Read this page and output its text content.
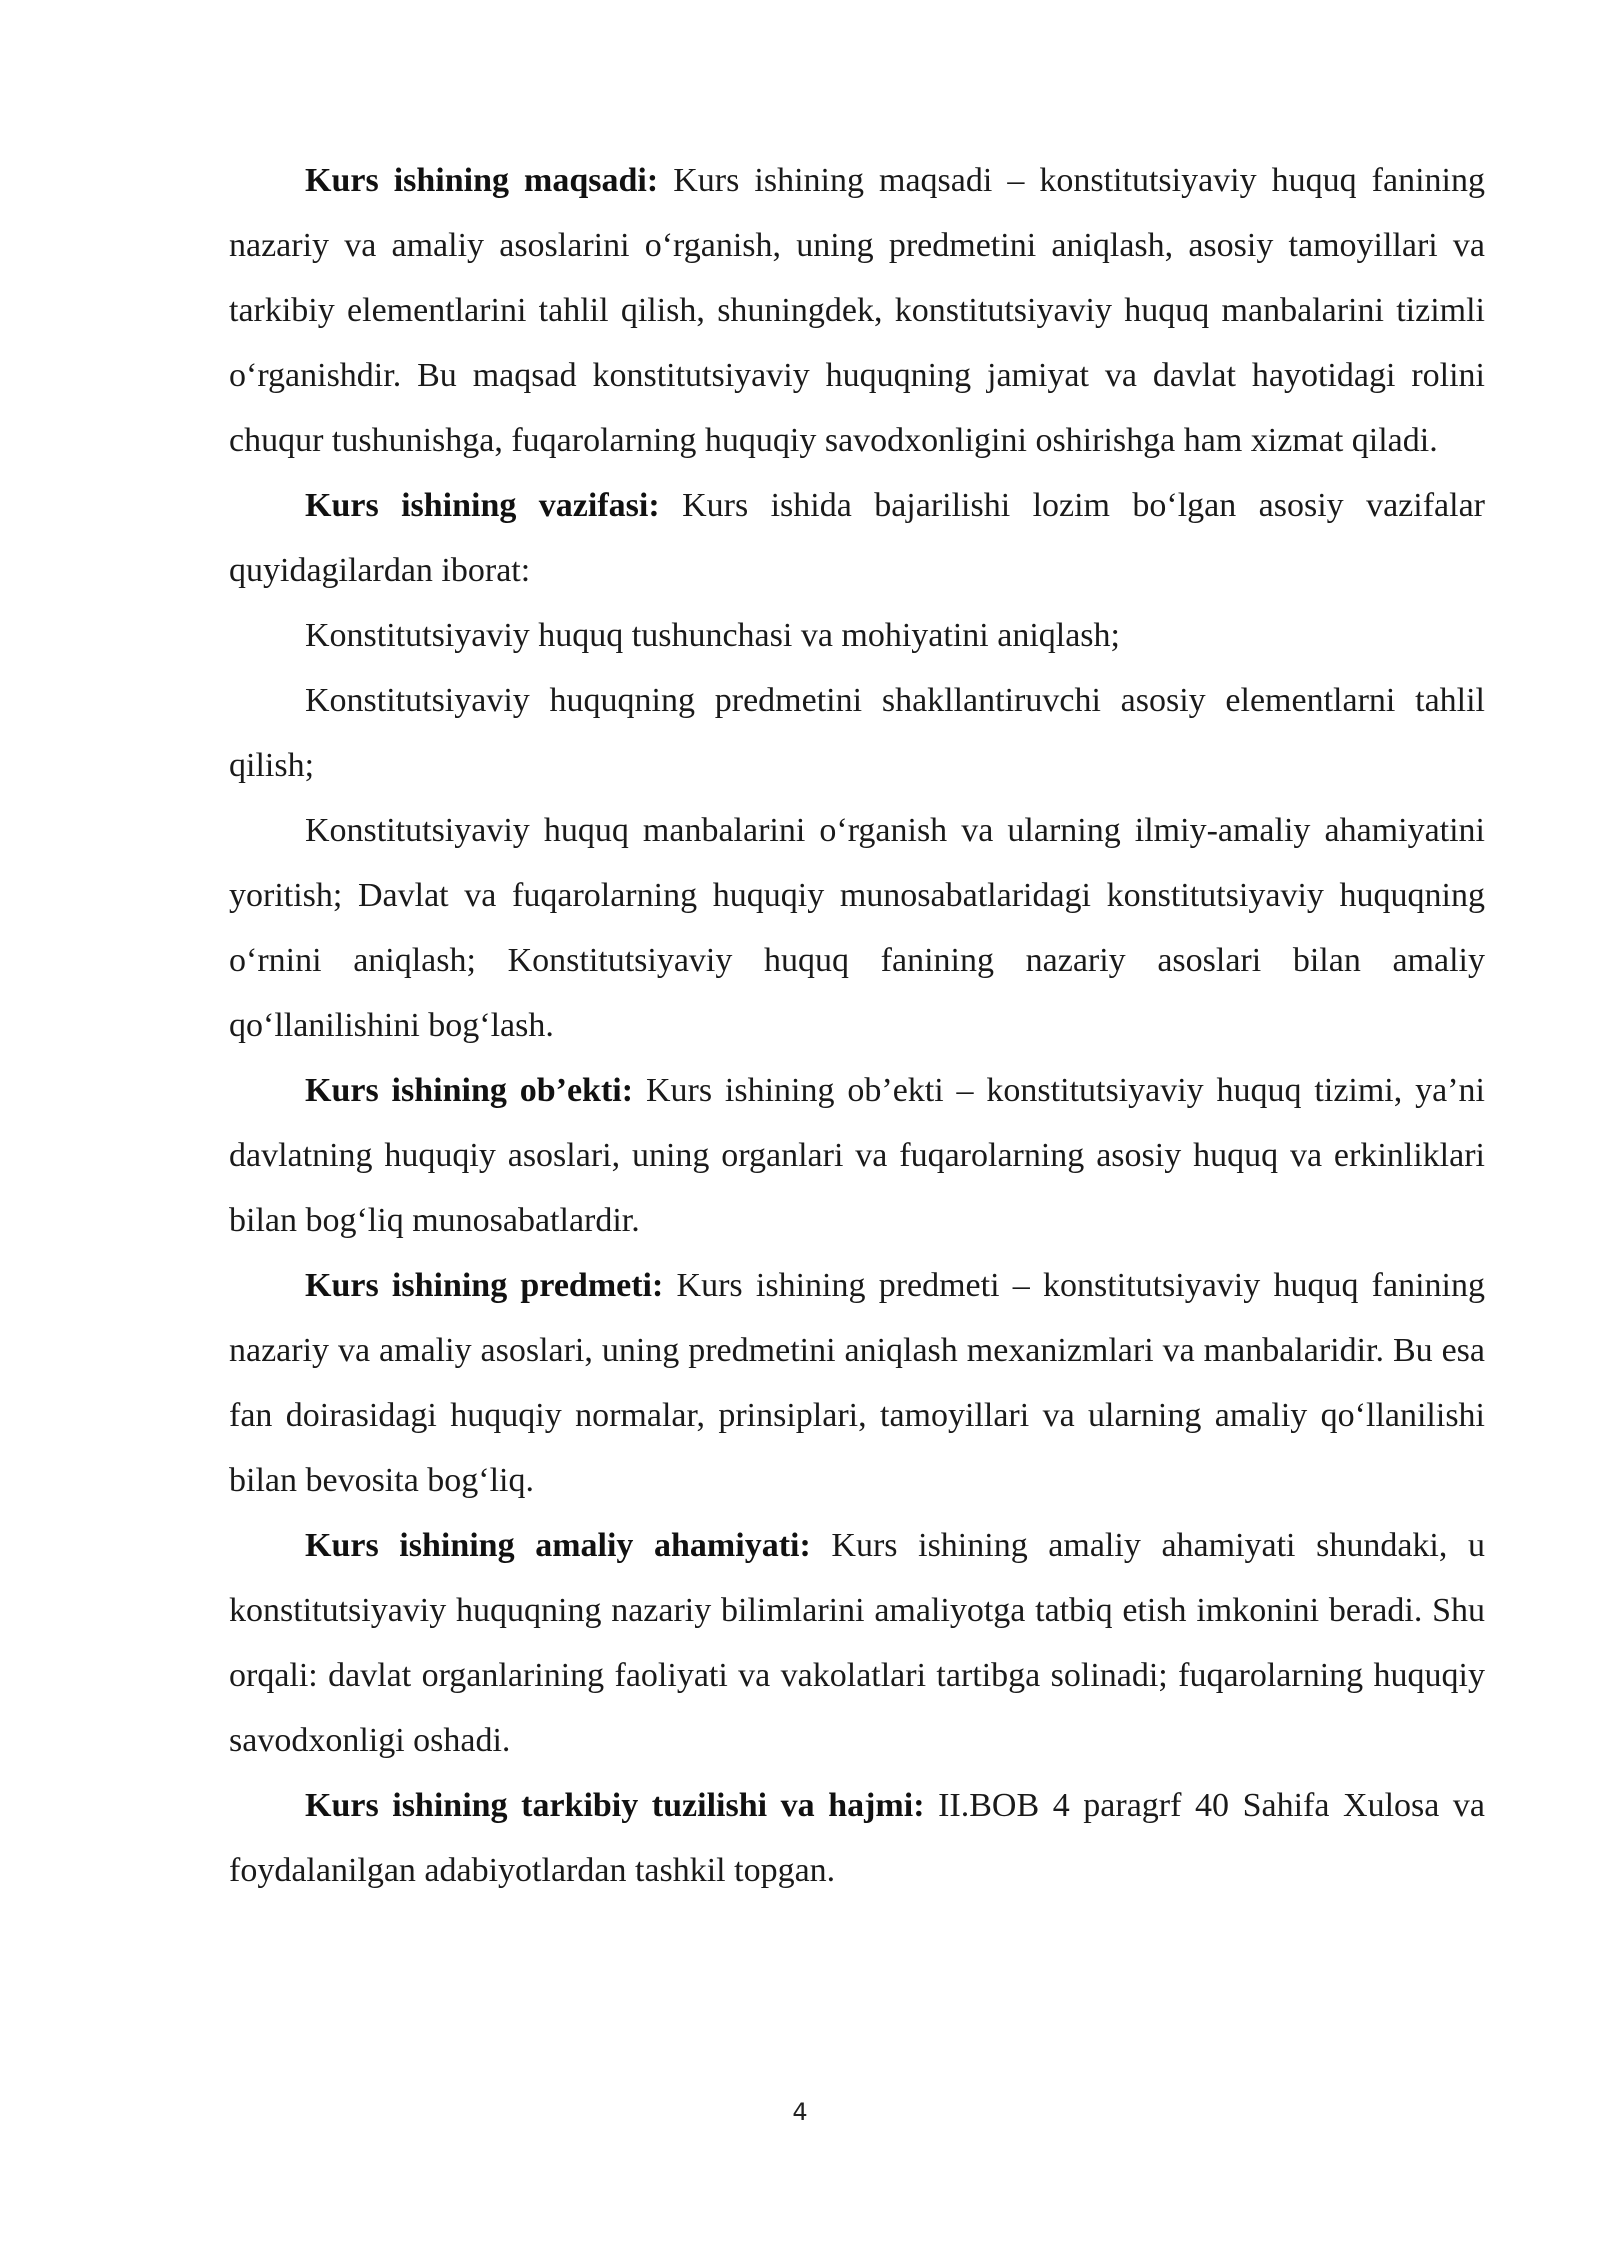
Kurs ishining maqsadi: Kurs ishining maqsadi – konstitutsiyaviy huquq fanining nazariy va amaliy asoslarini o‘rganish, uning predmetini aniqlash, asosiy tamoyillari va tarkibiy elementlarini tahlil qilish, shuningdek, konstitutsiyaviy huquq manbalarini tizimli o‘rganishdir. Bu maqsad konstitutsiyaviy huquqning jamiyat va davlat hayotidagi rolini chuqur tushunishga, fuqarolarning huquqiy savodxonligini oshirishga ham xizmat qiladi.

Kurs ishining vazifasi: Kurs ishida bajarilishi lozim bo‘lgan asosiy vazifalar quyidagilardan iborat:

Konstitutsiyaviy huquq tushunchasi va mohiyatini aniqlash;

Konstitutsiyaviy huquqning predmetini shakllantiruvchi asosiy elementlarni tahlil qilish;

Konstitutsiyaviy huquq manbalarini o‘rganish va ularning ilmiy-amaliy ahamiyatini yoritish; Davlat va fuqarolarning huquqiy munosabatlaridagi konstitutsiyaviy huquqning o‘rnini aniqlash; Konstitutsiyaviy huquq fanining nazariy asoslari bilan amaliy qo‘llanilishini bog‘lash.

Kurs ishining ob’ekti: Kurs ishining ob’ekti – konstitutsiyaviy huquq tizimi, ya’ni davlatning huquqiy asoslari, uning organlari va fuqarolarning asosiy huquq va erkinliklari bilan bog‘liq munosabatlardir.

Kurs ishining predmeti: Kurs ishining predmeti – konstitutsiyaviy huquq fanining nazariy va amaliy asoslari, uning predmetini aniqlash mexanizmlari va manbalaridir. Bu esa fan doirasidagi huquqiy normalar, prinsiplari, tamoyillari va ularning amaliy qo‘llanilishi bilan bevosita bog‘liq.

Kurs ishining amaliy ahamiyati: Kurs ishining amaliy ahamiyati shundaki, u konstitutsiyaviy huquqning nazariy bilimlarini amaliyotga tatbiq etish imkonini beradi. Shu orqali: davlat organlarining faoliyati va vakolatlari tartibga solinadi; fuqarolarning huquqiy savodxonligi oshadi.

Kurs ishining tarkibiy tuzilishi va hajmi: II.BOB 4 paragrf 40 Sahifa Xulosa va foydalanilgan adabiyotlardan tashkil topgan.

4
